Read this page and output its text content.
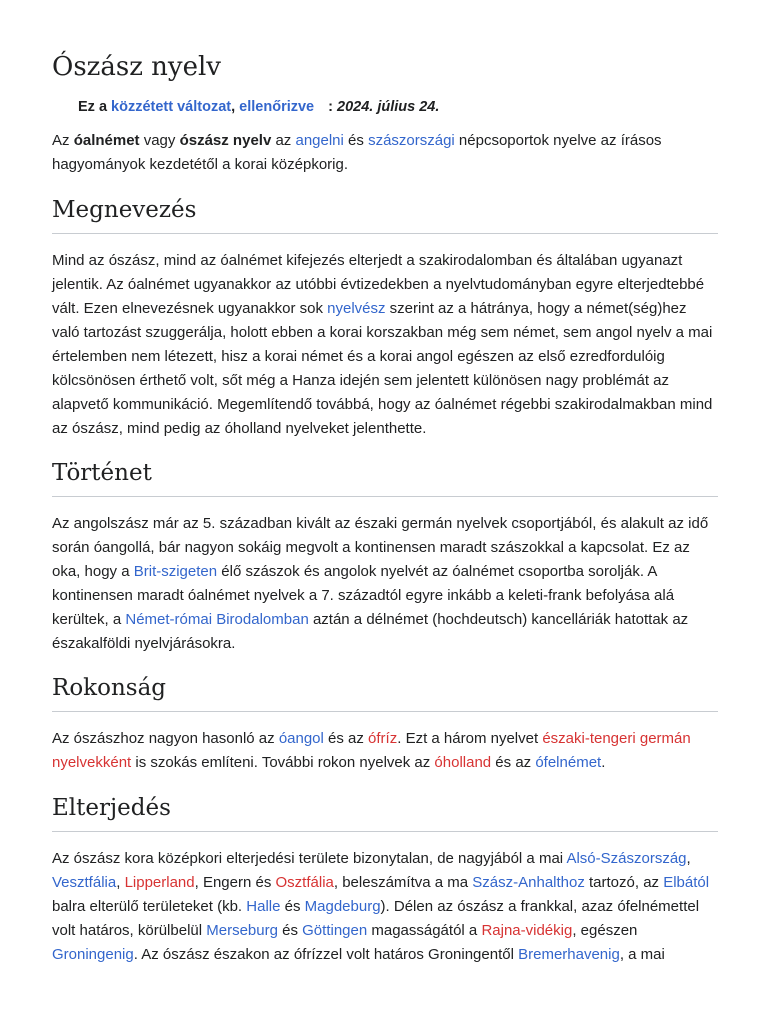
Ószász nyelv
Ez a közzétett változat, ellenőrizve : 2024. július 24.

Az óalnémet vagy ószász nyelv az angelni és szászországi népcsoportok nyelve az írásos hagyományok kezdetétől a korai középkorig.

Megnevezés

Mind az ószász, mind az óalnémet kifejezés elterjedt a szakirodalomban és általában ugyanazt jelentik. Az óalnémet ugyanakkor az utóbbi évtizedekben a nyelvtudományban egyre elterjedtebbé vált. Ezen elnevezésnek ugyanakkor sok nyelvész szerint az a hátránya, hogy a német(ség)hez való tartozást szuggerálja, holott ebben a korai korszakban még sem német, sem angol nyelv a mai értelemben nem létezett, hisz a korai német és a korai angol egészen az első ezredfordulóig kölcsönösen érthető volt, sőt még a Hanza idején sem jelentett különösen nagy problémát az alapvető kommunikáció. Megemlítendő továbbá, hogy az óalnémet régebbi szakirodalmakban mind az ószász, mind pedig az óholland nyelveket jelenthette.

Történet

Az angolszász már az 5. században kivált az északi germán nyelvek csoportjából, és alakult az idő során óangollá, bár nagyon sokáig megvolt a kontinensen maradt szászokkal a kapcsolat. Ez az oka, hogy a Brit-szigeten élő szászok és angolok nyelvét az óalnémet csoportba sorolják. A kontinensen maradt óalnémet nyelvek a 7. századtól egyre inkább a keleti-frank befolyása alá kerültek, a Német-római Birodalomban aztán a délnémet (hochdeutsch) kancelláriák hatottak az északalföldi nyelvjárásokra.

Rokonság

Az ószászhoz nagyon hasonló az óangol és az ófríz. Ezt a három nyelvet északi-tengeri germán nyelvekként is szokás említeni. További rokon nyelvek az óholland és az ófelnémet.

Elterjedés

Az ószász kora középkori elterjedési területe bizonytalan, de nagyjából a mai Alsó-Szászország, Vesztfália, Lipperland, Engern és Osztfália, beleszámítva a ma Szász-Anhalthoz tartozó, az Elbától balra elterülő területeket (kb. Halle és Magdeburg). Délen az ószász a frankkal, azaz ófelnémettel volt határos, körülbelül Merseburg és Göttingen magasságától a Rajna-vidékig, egészen Groningenig. Az ószász északon az ófrízzel volt határos Groningentől Bremerhavenig, a mai
